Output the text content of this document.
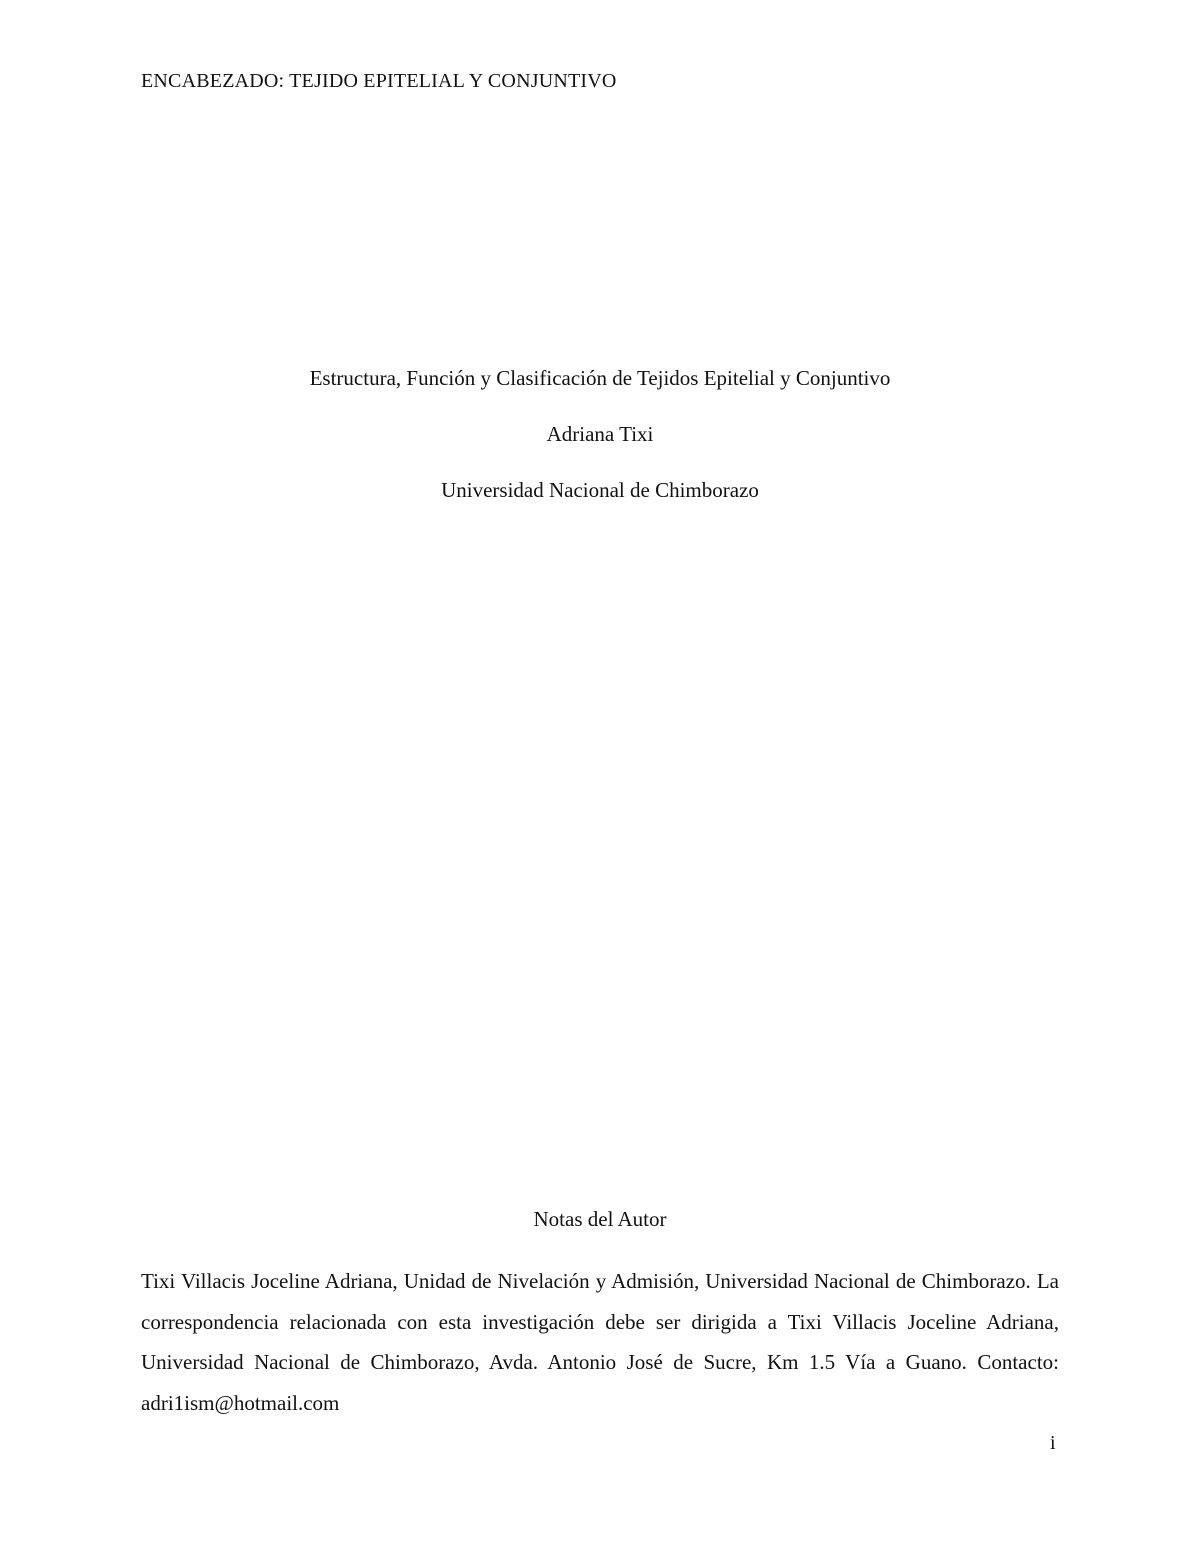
ENCABEZADO: TEJIDO EPITELIAL Y CONJUNTIVO
Estructura, Función y Clasificación de Tejidos Epitelial y Conjuntivo
Adriana Tixi
Universidad Nacional de Chimborazo
Notas del Autor
Tixi Villacis Joceline Adriana, Unidad de Nivelación y Admisión, Universidad Nacional de Chimborazo. La correspondencia relacionada con esta investigación debe ser dirigida a Tixi Villacis Joceline Adriana, Universidad Nacional de Chimborazo, Avda. Antonio José de Sucre, Km 1.5 Vía a Guano. Contacto: adri1ism@hotmail.com
i
